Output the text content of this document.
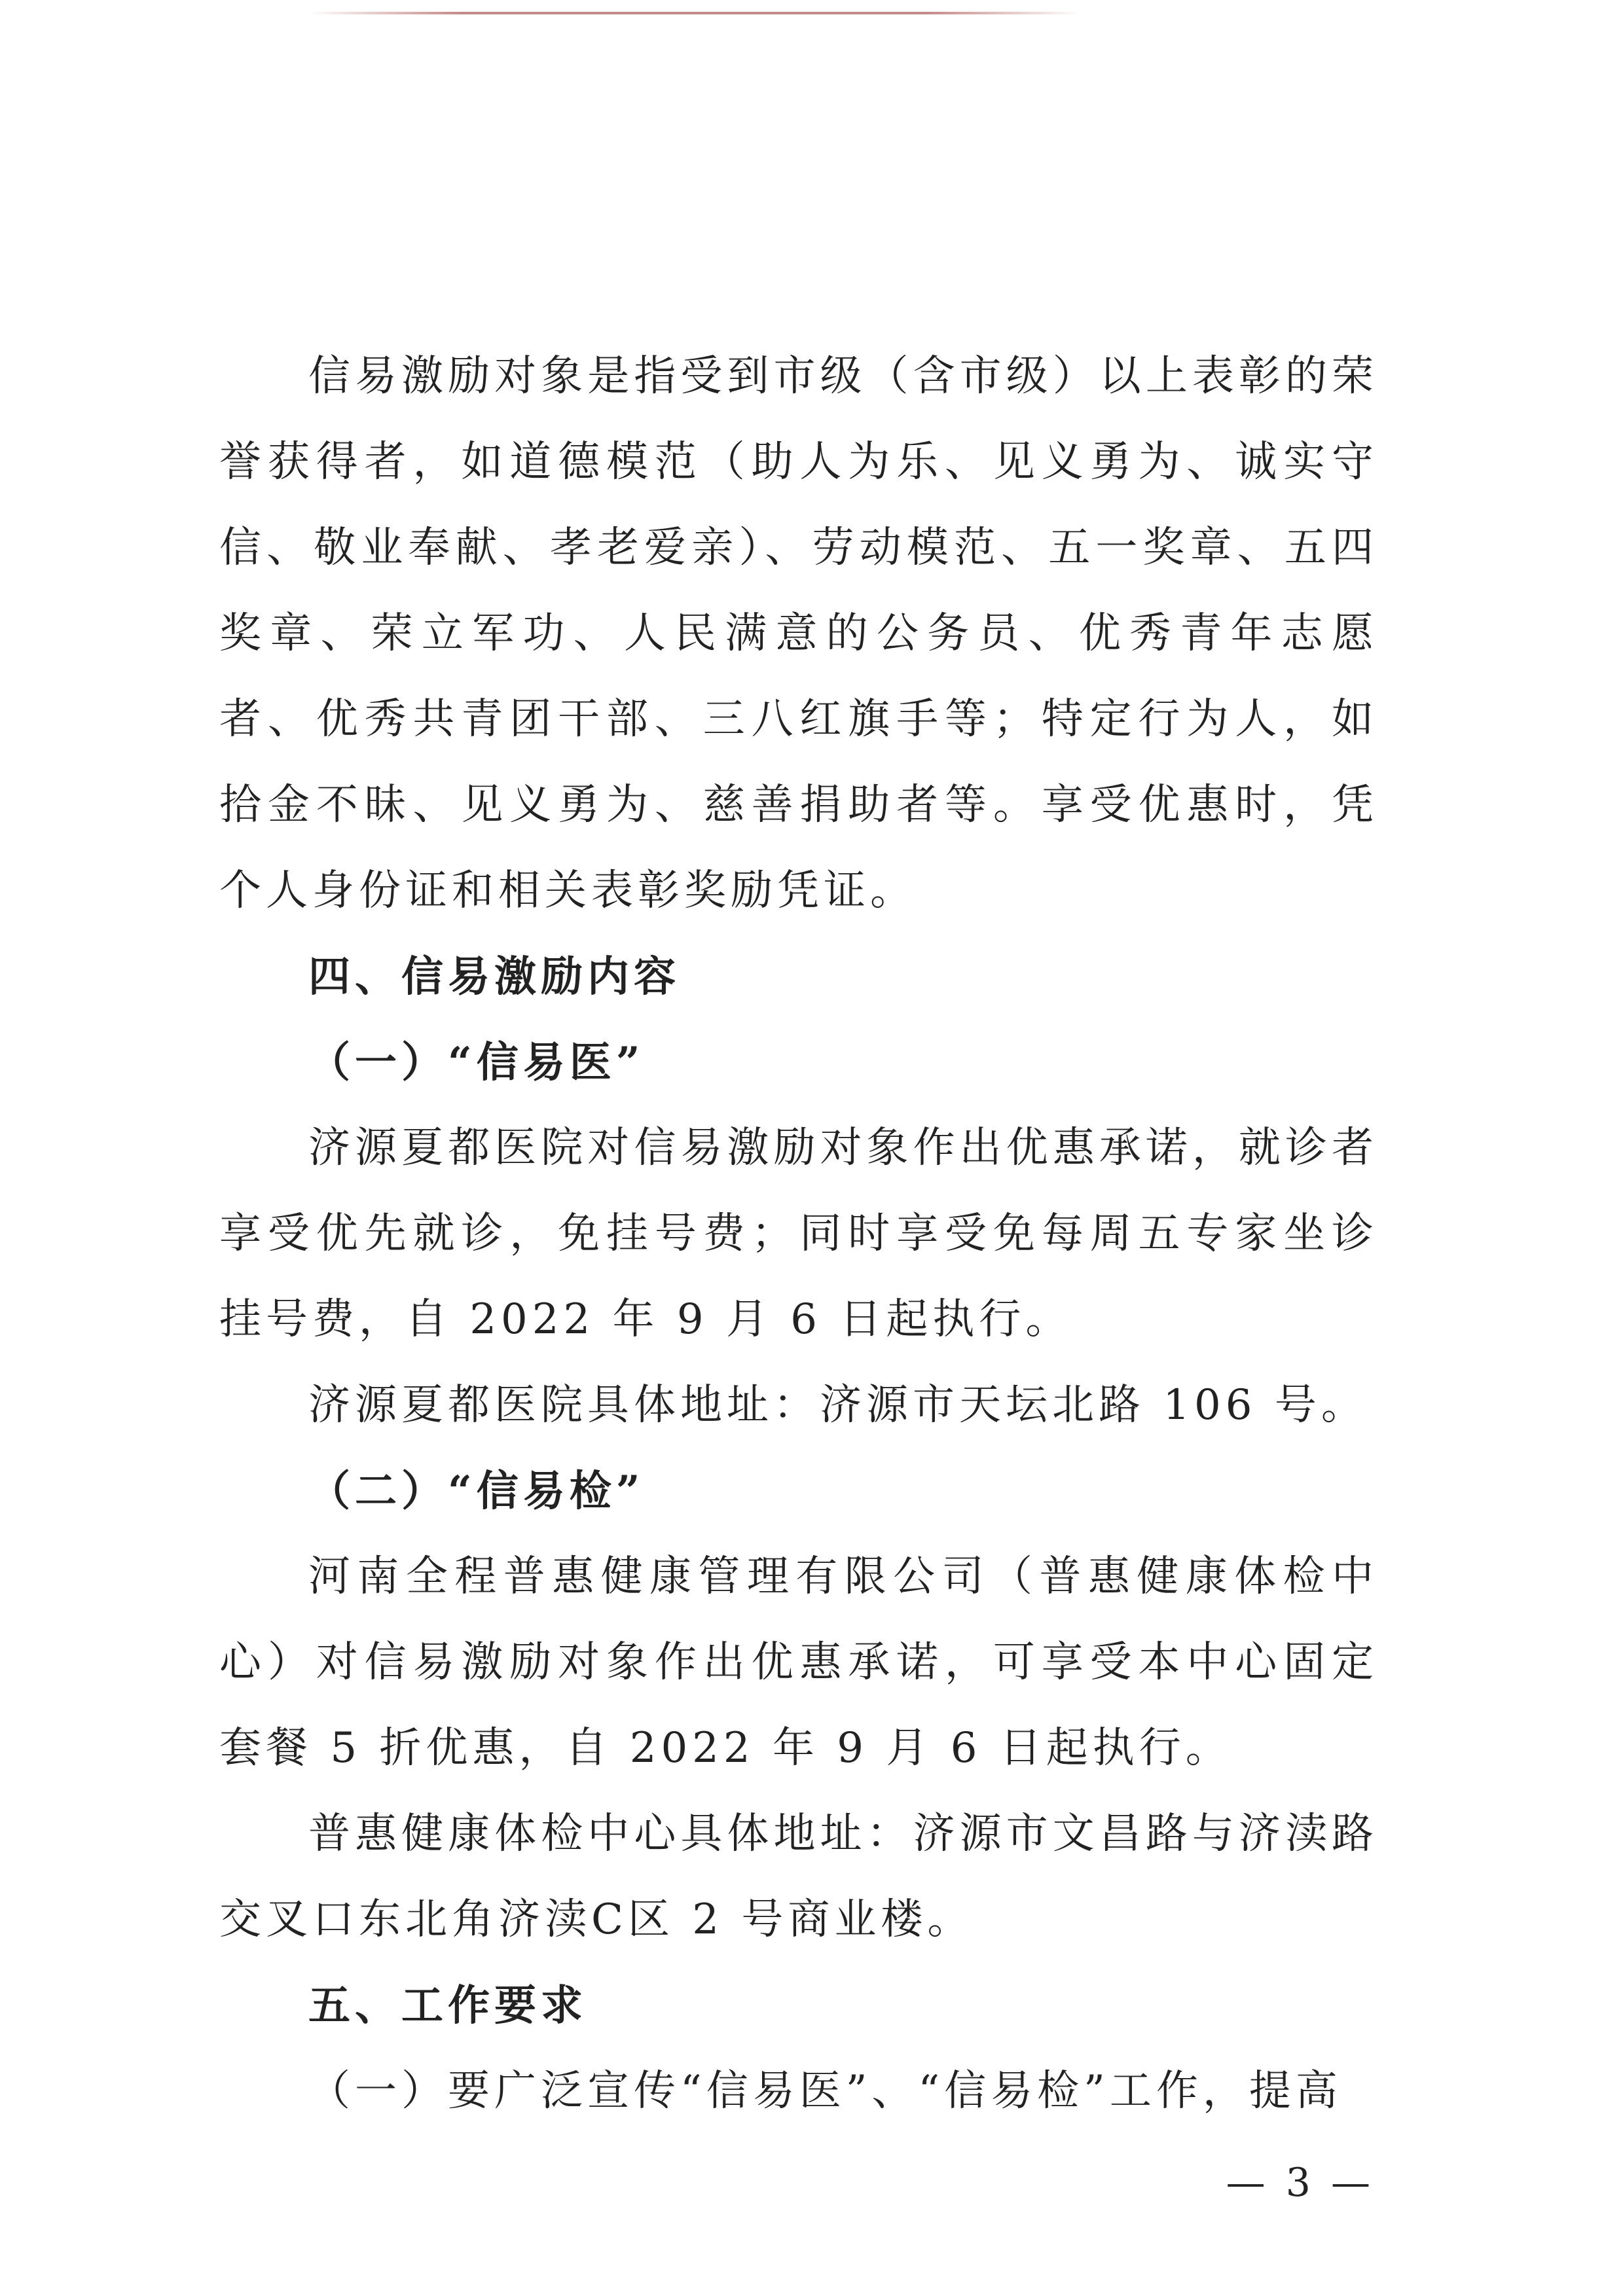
信易激励对象是指受到市级（含市级）以上表彰的荣誉获得者，如道德模范（助人为乐、见义勇为、诚实守信、敬业奉献、孝老爱亲）、劳动模范、五一奖章、五四奖章、荣立军功、人民满意的公务员、优秀青年志愿者、优秀共青团干部、三八红旗手等；特定行为人，如拾金不昧、见义勇为、慈善捐助者等。享受优惠时，凭个人身份证和相关表彰奖励凭证。

四、信易激励内容

（一）“信易医”

济源夏都医院对信易激励对象作出优惠承诺，就诊者享受优先就诊，免挂号费；同时享受免每周五专家坐诊挂号费，自 2022 年 9 月 6 日起执行。

济源夏都医院具体地址：济源市天坛北路 106 号。

（二）“信易检”

河南全程普惠健康管理有限公司（普惠健康体检中心）对信易激励对象作出优惠承诺，可享受本中心固定套餐 5 折优惠，自 2022 年 9 月 6 日起执行。

普惠健康体检中心具体地址：济源市文昌路与济渎路交叉口东北角济渎C区 2 号商业楼。

五、工作要求

（一）要广泛宣传“信易医”、“信易检”工作，提高

— 3 —
